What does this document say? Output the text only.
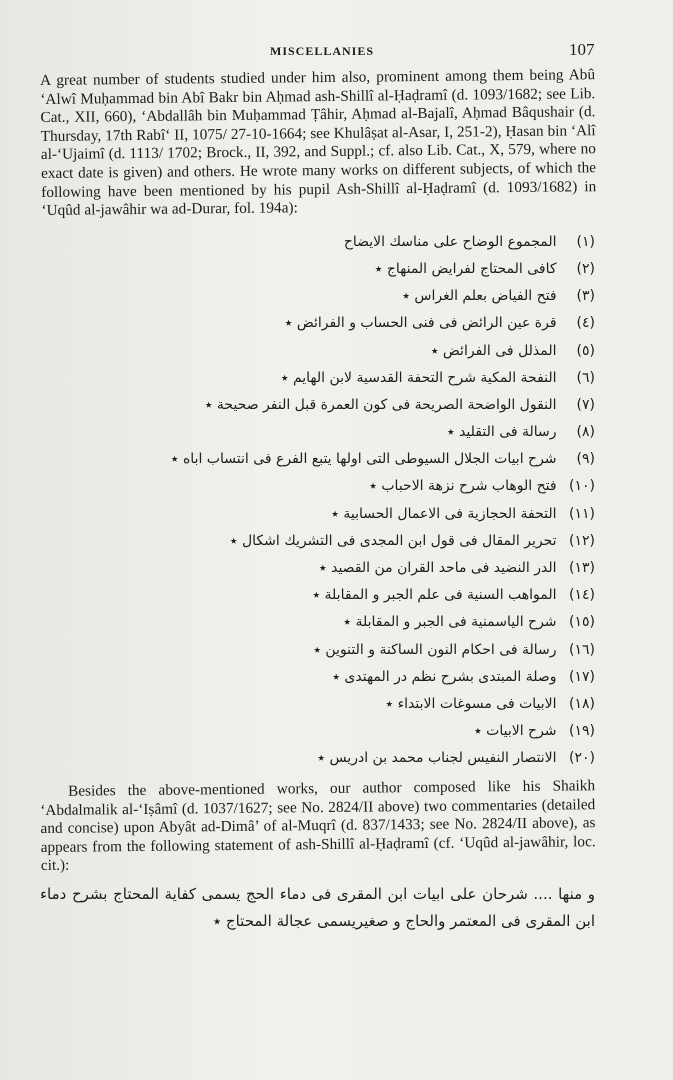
MISCELLANIES	107

A great number of students studied under him also, prominent among them being Abû ‘Alwî Muḥammad bin Abî Bakr bin Aḥmad ash-Shillî al-Ḥaḍramî (d. 1093/1682; see Lib. Cat., XII, 660), ‘Abdallâh bin Muḥammad Ṭâhir, Aḥmad al-Bajalî, Aḥmad Bâqushair (d. Thursday, 17th Rabî‘ II, 1075/ 27-10-1664; see Khulâṣat al-Asar, I, 251-2), Ḥasan bin ‘Alî al-‘Ujaimî (d. 1113/ 1702; Brock., II, 392, and Suppl.; cf. also Lib. Cat., X, 579, where no exact date is given) and others. He wrote many works on different subjects, of which the following have been mentioned by his pupil Ash-Shillî al-Ḥaḍramî (d. 1093/1682) in ‘Uqûd al-jawâhir wa ad-Durar, fol. 194a):

(١) المجموع الوضاح على مناسك الايضاح
(٢) كافى المحتاج لفرايض المنهاج ٭
(٣) فتح الفياض بعلم الغراس ٭
(٤) قرة عين الرائض فى فنى الحساب و الفرائض ٭
(٥) المذلل فى الفرائض ٭
(٦) النفحة المكية شرح التحفة القدسية لابن الهايم ٭
(٧) النقول الواضحة الصريحة فى كون العمرة قبل النفر صحيحة ٭
(٨) رسالة فى التقليد ٭
(٩) شرح ابيات الجلال السيوطى التى اولها يتبع الفرع فى انتساب اباه ٭
(١٠) فتح الوهاب شرح نزهة الاحباب ٭
(١١) التحفة الحجازية فى الاعمال الحسابية ٭
(١٢) تحرير المقال فى قول ابن المجدى فى التشريك اشكال ٭
(١٣) الدر النضيد فى ماحد القران من القصيد ٭
(١٤) المواهب السنية فى علم الجبر و المقابلة ٭
(١٥) شرح الياسمنية فى الجبر و المقابلة ٭
(١٦) رسالة فى احكام النون الساكنة و التنوين ٭
(١٧) وصلة المبتدى بشرح نظم در المهتدى ٭
(١٨) الابيات فى مسوغات الابتداء ٭
(١٩) شرح الابيات ٭
(٢٠) الانتصار النفيس لجناب محمد بن ادريس ٭

Besides the above-mentioned works, our author composed like his Shaikh ‘Abdalmalik al-‘Iṣâmî (d. 1037/1627; see No. 2824/II above) two commentaries (detailed and concise) upon Abyât ad-Dimâ’ of al-Muqrî (d. 837/1433; see No. 2824/II above), as appears from the following statement of ash-Shillî al-Ḥaḍramî (cf. ‘Uqûd al-jawâhir, loc. cit.):

و منها .... شرحان على ابيات ابن المقرى فى دماء الحج يسمى كفاية المحتاج بشرح دماء ابن المقرى فى المعتمر والحاج و صغيريسمى عجالة المحتاج ٭
